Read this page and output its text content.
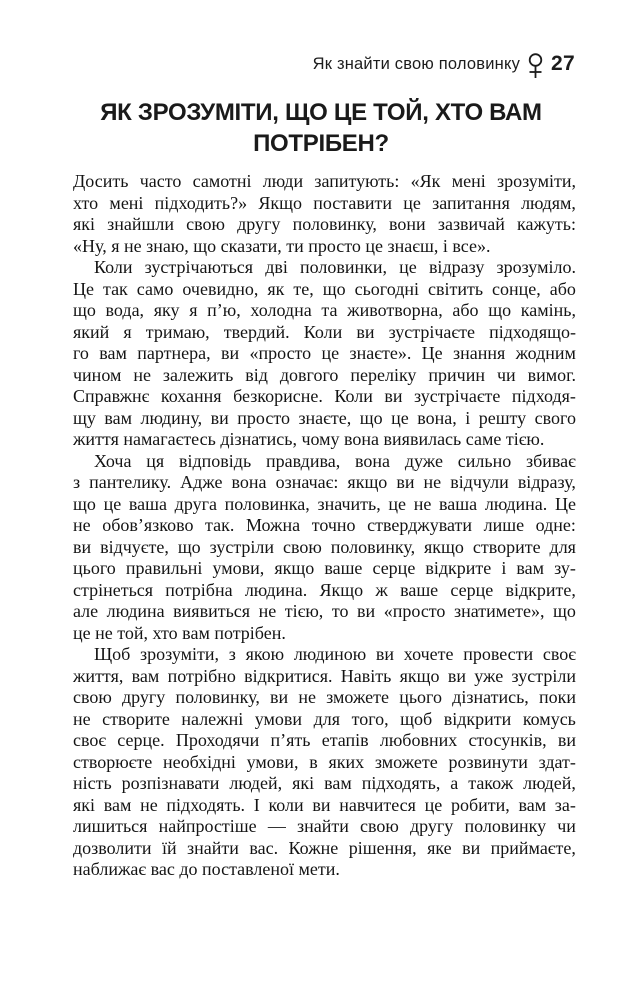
Як знайти свою половинку 27
ЯК ЗРОЗУМІТИ, ЩО ЦЕ ТОЙ, ХТО ВАМ
ПОТРІБЕН?
Досить часто самотні люди запитують: «Як мені зрозуміти,
хто мені підходить?» Якщо поставити це запитання людям,
які знайшли свою другу половинку, вони зазвичай кажуть:
«Ну, я не знаю, що сказати, ти просто це знаєш, і все».
Коли зустрічаються дві половинки, це відразу зрозуміло.
Це так само очевидно, як те, що сьогодні світить сонце, або
що вода, яку я п’ю, холодна та животворна, або що камінь,
який я тримаю, твердий. Коли ви зустрічаєте підходящо-
го вам партнера, ви «просто це знаєте». Це знання жодним
чином не залежить від довгого переліку причин чи вимог.
Справжнє кохання безкорисне. Коли ви зустрічаєте підходя-
щу вам людину, ви просто знаєте, що це вона, і решту свого
життя намагаєтесь дізнатись, чому вона виявилась саме тією.
Хоча ця відповідь правдива, вона дуже сильно збиває
з пантелику. Адже вона означає: якщо ви не відчули відразу,
що це ваша друга половинка, значить, це не ваша людина. Це
не обов’язково так. Можна точно стверджувати лише одне:
ви відчуєте, що зустріли свою половинку, якщо створите для
цього правильні умови, якщо ваше серце відкрите і вам зу-
стрінеться потрібна людина. Якщо ж ваше серце відкрите,
але людина виявиться не тією, то ви «просто знатимете», що
це не той, хто вам потрібен.
Щоб зрозуміти, з якою людиною ви хочете провести своє
життя, вам потрібно відкритися. Навіть якщо ви уже зустріли
свою другу половинку, ви не зможете цього дізнатись, поки
не створите належні умови для того, щоб відкрити комусь
своє серце. Проходячи п’ять етапів любовних стосунків, ви
створюєте необхідні умови, в яких зможете розвинути здат-
ність розпізнавати людей, які вам підходять, а також людей,
які вам не підходять. І коли ви навчитеся це робити, вам за-
лишиться найпростіше — знайти свою другу половинку чи
дозволити їй знайти вас. Кожне рішення, яке ви приймаєте,
наближає вас до поставленої мети.
